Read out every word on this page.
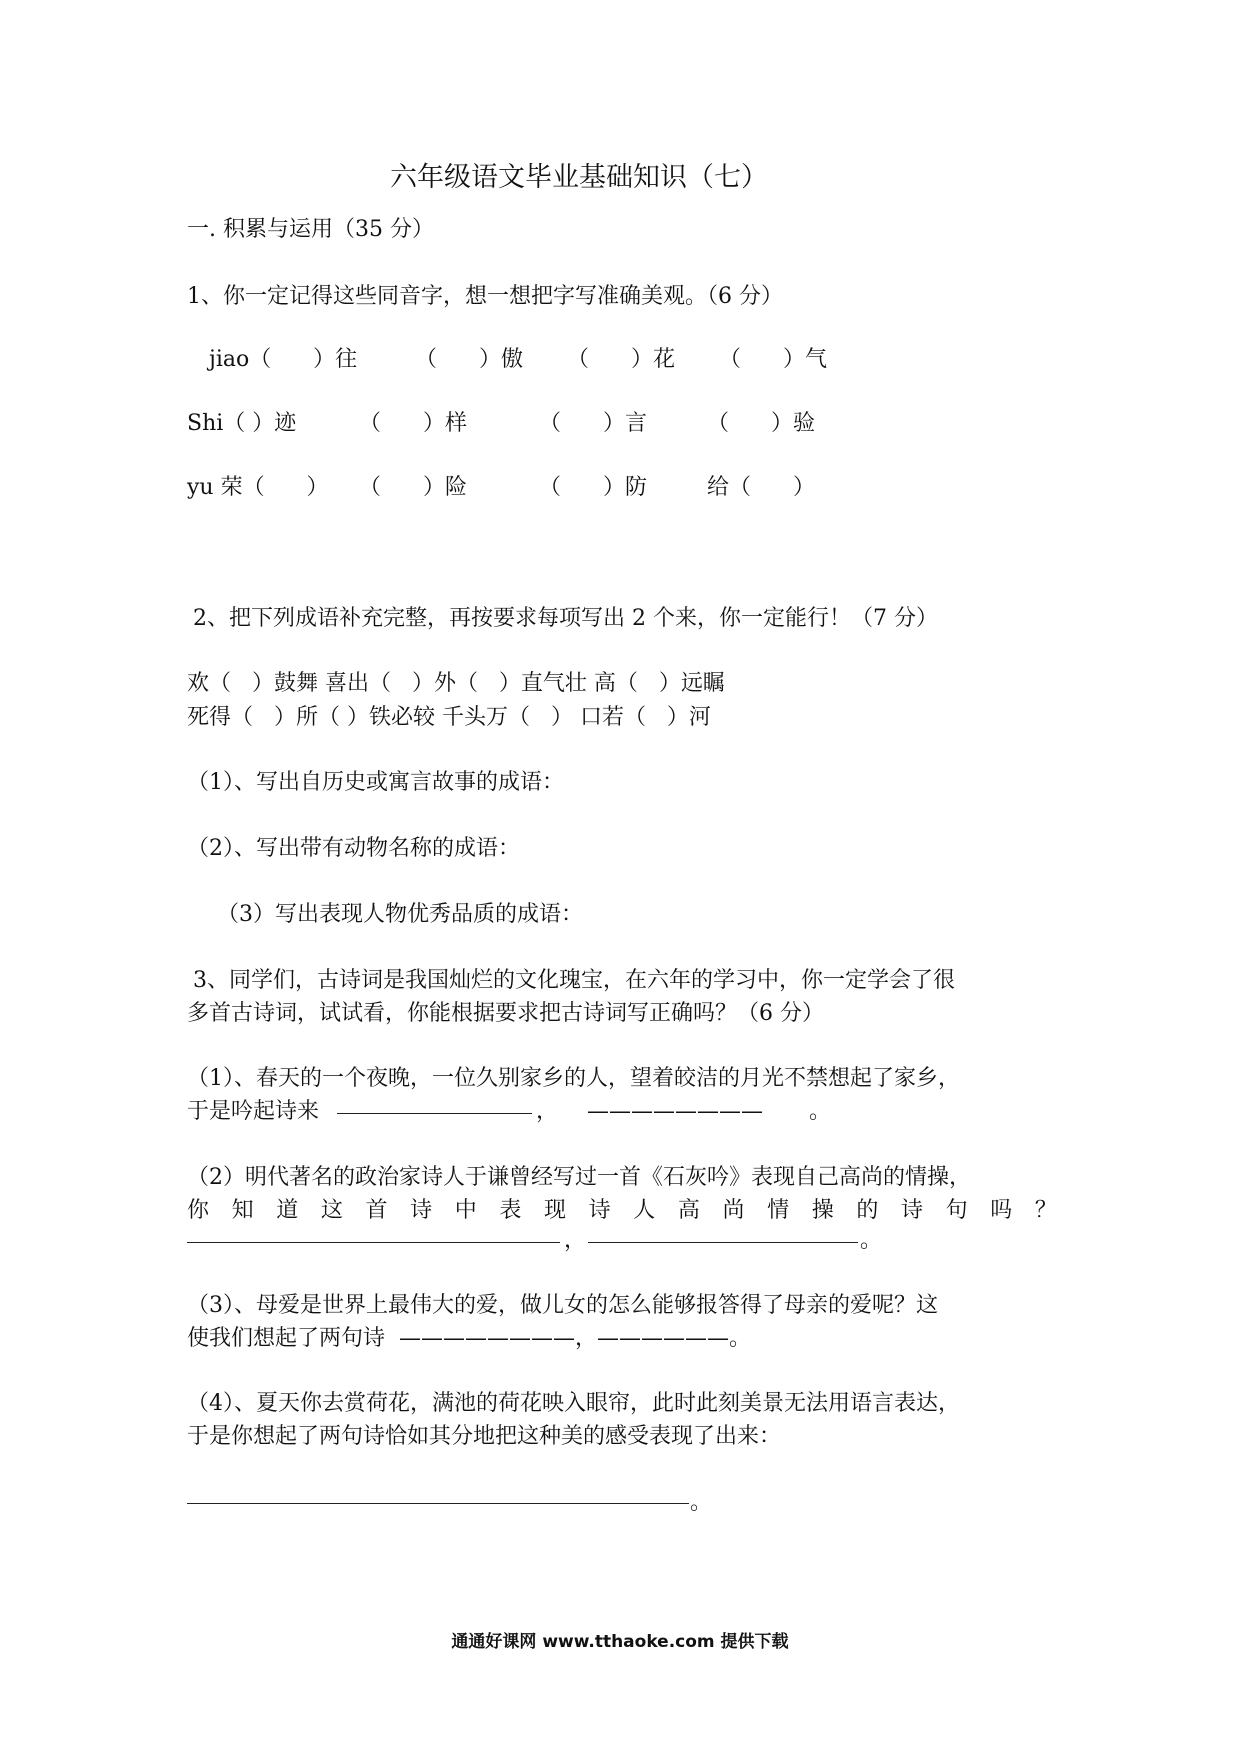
六年级语文毕业基础知识（七）
一. 积累与运用（35 分）
1、你一定记得这些同音字，想一想把字写准确美观。（6 分）
jiao（      ）往	（      ）傲 （      ）花 （      ）气
Shi（ ）迹	（      ）样	（      ）言	（      ）验
yu 荣（      ） （      ）险	（      ）防	给（      ）
2、把下列成语补充完整，再按要求每项写出 2 个来，你一定能行！（7 分）
欢（   ）鼓舞 喜出（   ）外（   ）直气壮 高（   ）远瞩
死得（   ）所（ ）铁必较 千头万（   ） 口若（   ）河
（1）、写出自历史或寓言故事的成语：
（2）、写出带有动物名称的成语：
（3）写出表现人物优秀品质的成语：
3、同学们，古诗词是我国灿烂的文化瑰宝，在六年的学习中，你一定学会了很
多首古诗词，试试看，你能根据要求把古诗词写正确吗？（6 分）
（1）、春天的一个夜晚，一位久别家乡的人，望着皎洁的月光不禁想起了家乡，
于是吟起诗来	， ———————— 。
（2）明代著名的政治家诗人于谦曾经写过一首《石灰吟》表现自己高尚的情操，
你 知 道 这 首 诗 中 表 现 诗 人 高 尚 情 操 的 诗 句 吗 ？
，	。
（3）、母爱是世界上最伟大的爱，做儿女的怎么能够报答得了母亲的爱呢？这
使我们想起了两句诗  ————————，——————。
（4）、夏天你去赏荷花，满池的荷花映入眼帘，此时此刻美景无法用语言表达，
于是你想起了两句诗恰如其分地把这种美的感受表现了出来：
。
通通好课网 www.tthaoke.com 提供下载
